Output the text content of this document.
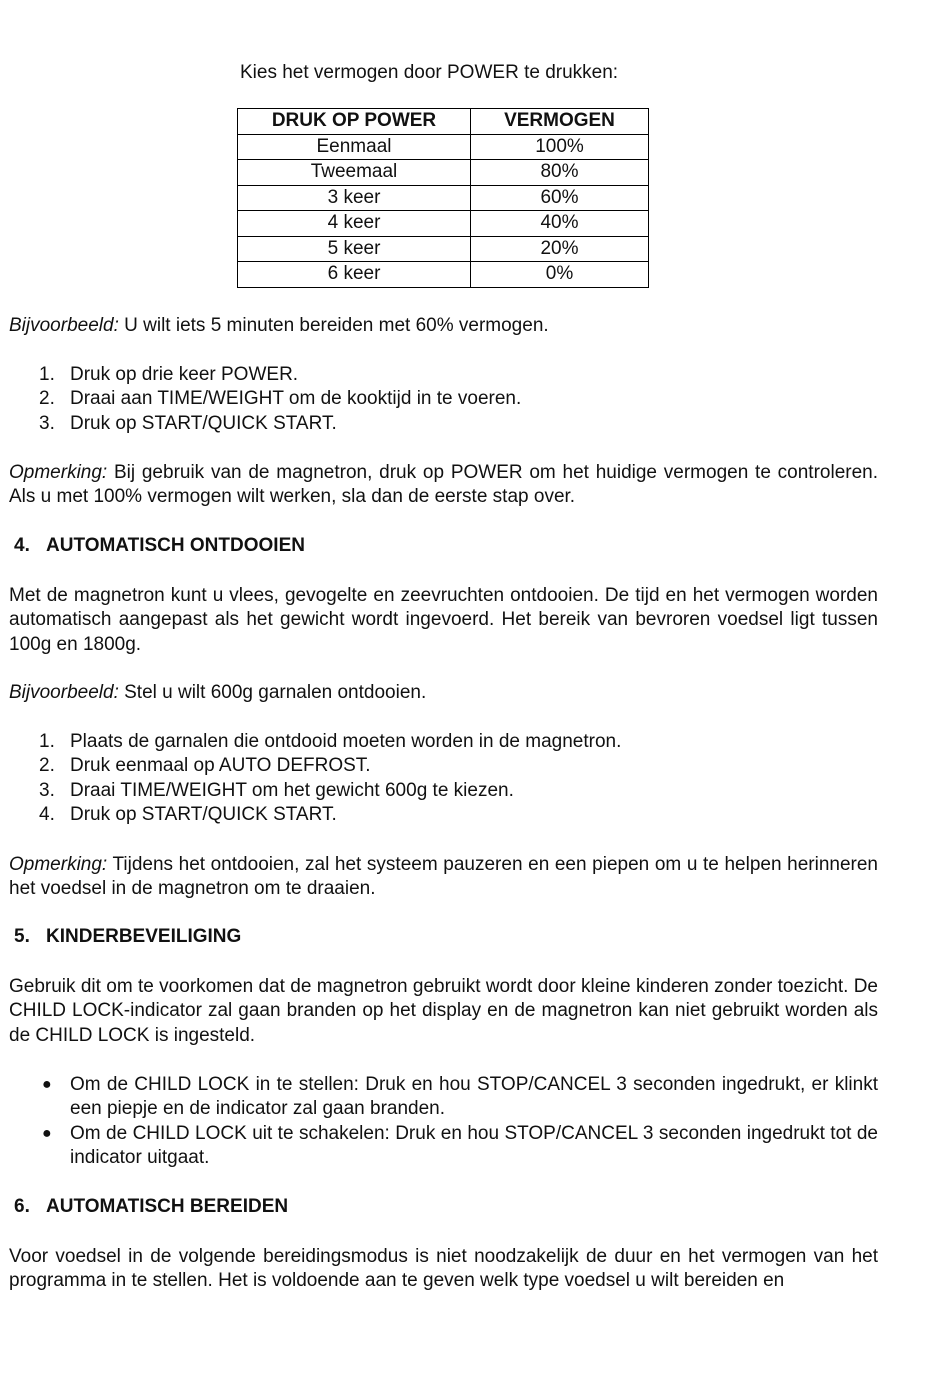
Kies het vermogen door POWER te drukken:
DRUK OP POWER	VERMOGEN
Eenmaal	100%
Tweemaal	80%
3 keer	60%
4 keer	40%
5 keer	20%
6 keer	0%

Bijvoorbeeld: U wilt iets 5 minuten bereiden met 60% vermogen.

1. Druk op drie keer POWER.
2. Draai aan TIME/WEIGHT om de kooktijd in te voeren.
3. Druk op START/QUICK START.

Opmerking: Bij gebruik van de magnetron, druk op POWER om het huidige vermogen te controleren. Als u met 100% vermogen wilt werken, sla dan de eerste stap over.

4. AUTOMATISCH ONTDOOIEN

Met de magnetron kunt u vlees, gevogelte en zeevruchten ontdooien. De tijd en het vermogen worden automatisch aangepast als het gewicht wordt ingevoerd. Het bereik van bevroren voedsel ligt tussen 100g en 1800g.

Bijvoorbeeld: Stel u wilt 600g garnalen ontdooien.

1. Plaats de garnalen die ontdooid moeten worden in de magnetron.
2. Druk eenmaal op AUTO DEFROST.
3. Draai TIME/WEIGHT om het gewicht 600g te kiezen.
4. Druk op START/QUICK START.

Opmerking: Tijdens het ontdooien, zal het systeem pauzeren en een piepen om u te helpen herinneren het voedsel in de magnetron om te draaien.

5. KINDERBEVEILIGING

Gebruik dit om te voorkomen dat de magnetron gebruikt wordt door kleine kinderen zonder toezicht. De CHILD LOCK-indicator zal gaan branden op het display en de magnetron kan niet gebruikt worden als de CHILD LOCK is ingesteld.

● Om de CHILD LOCK in te stellen: Druk en hou STOP/CANCEL 3 seconden ingedrukt, er klinkt een piepje en de indicator zal gaan branden.
● Om de CHILD LOCK uit te schakelen: Druk en hou STOP/CANCEL 3 seconden ingedrukt tot de indicator uitgaat.
6. AUTOMATISCH BEREIDEN

Voor voedsel in de volgende bereidingsmodus is niet noodzakelijk de duur en het vermogen van het programma in te stellen. Het is voldoende aan te geven welk type voedsel u wilt bereiden en
